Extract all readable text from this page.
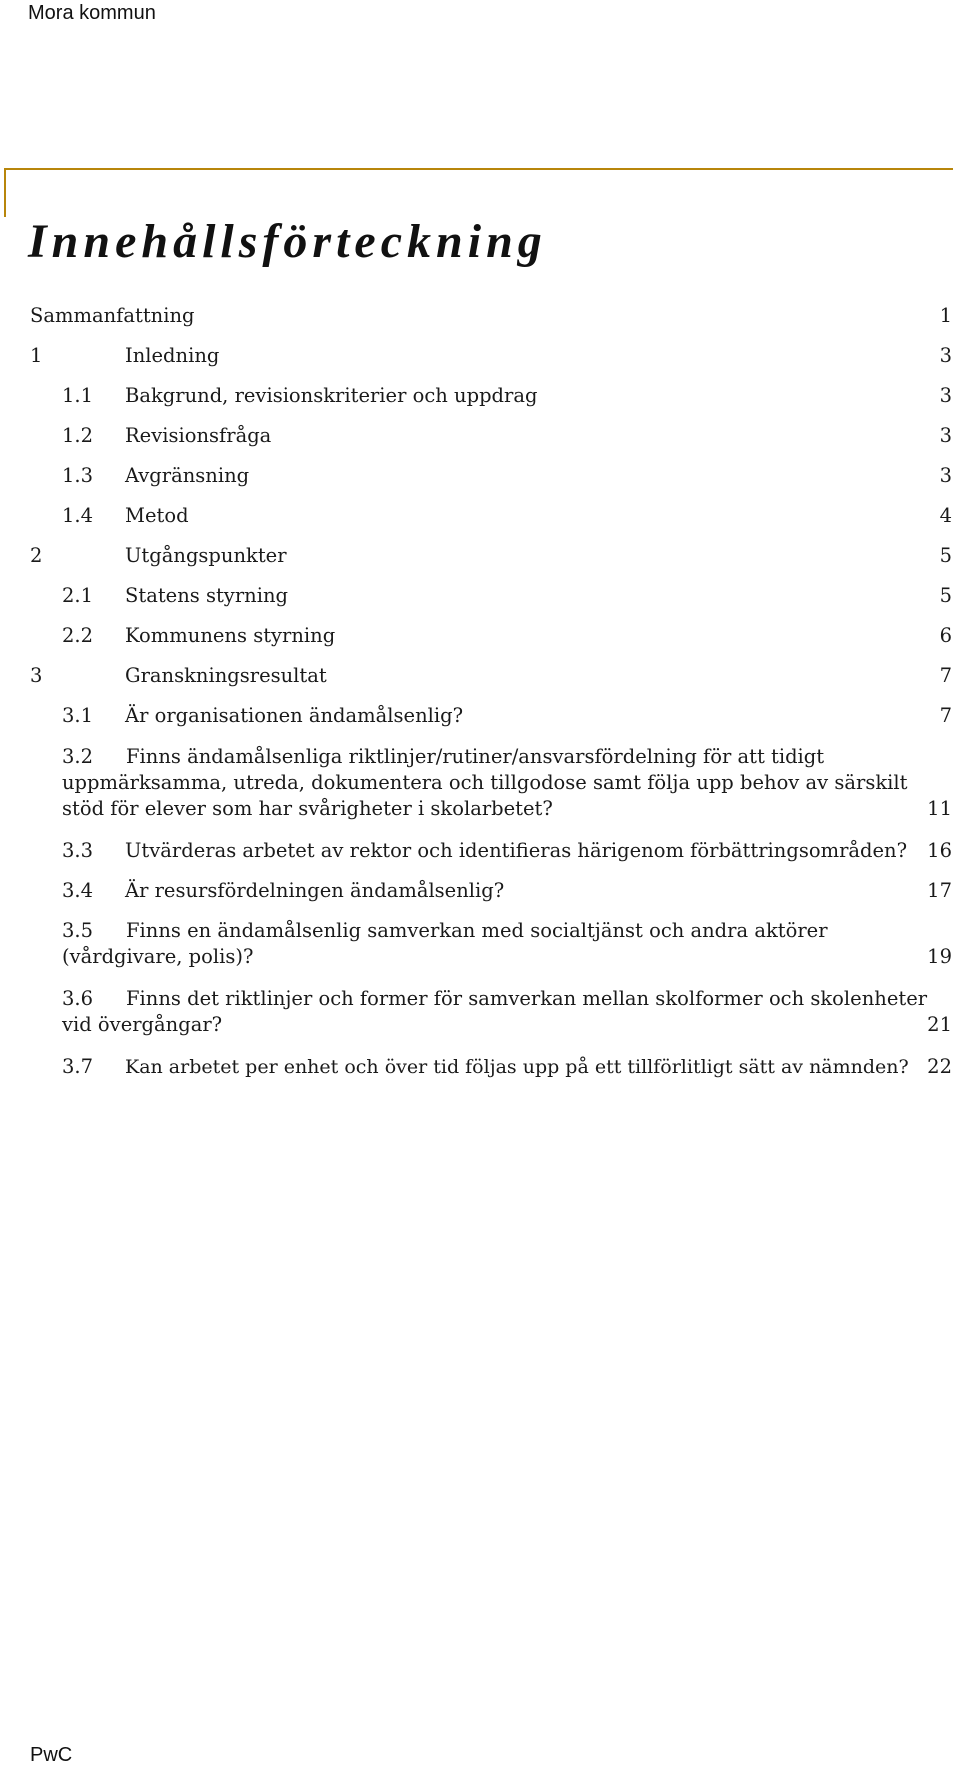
Mora kommun
Innehållsförteckning
Sammanfattning	1
1	Inledning	3
1.1 Bakgrund, revisionskriterier och uppdrag	3
1.2 Revisionsfråga	3
1.3 Avgränsning	3
1.4 Metod	4
2	Utgångspunkter	5
2.1 Statens styrning	5
2.2 Kommunens styrning	6
3	Granskningsresultat	7
3.1 Är organisationen ändamålsenlig?	7
3.2	Finns ändamålsenliga riktlinjer/rutiner/ansvarsfördelning för att tidigt uppmärksamma, utreda, dokumentera och tillgodose samt följa upp behov av särskilt stöd för elever som har svårigheter i skolarbetet?	11
3.3 Utvärderas arbetet av rektor och identifieras härigenom förbättringsområden?	16
3.4 Är resursfördelningen ändamålsenlig?	17
3.5	Finns en ändamålsenlig samverkan med socialtjänst och andra aktörer (vårdgivare, polis)?	19
3.6	Finns det riktlinjer och former för samverkan mellan skolformer och skolenheter vid övergångar?	21
3.7 Kan arbetet per enhet och över tid följas upp på ett tillförlitligt sätt av nämnden? 22
PwC
